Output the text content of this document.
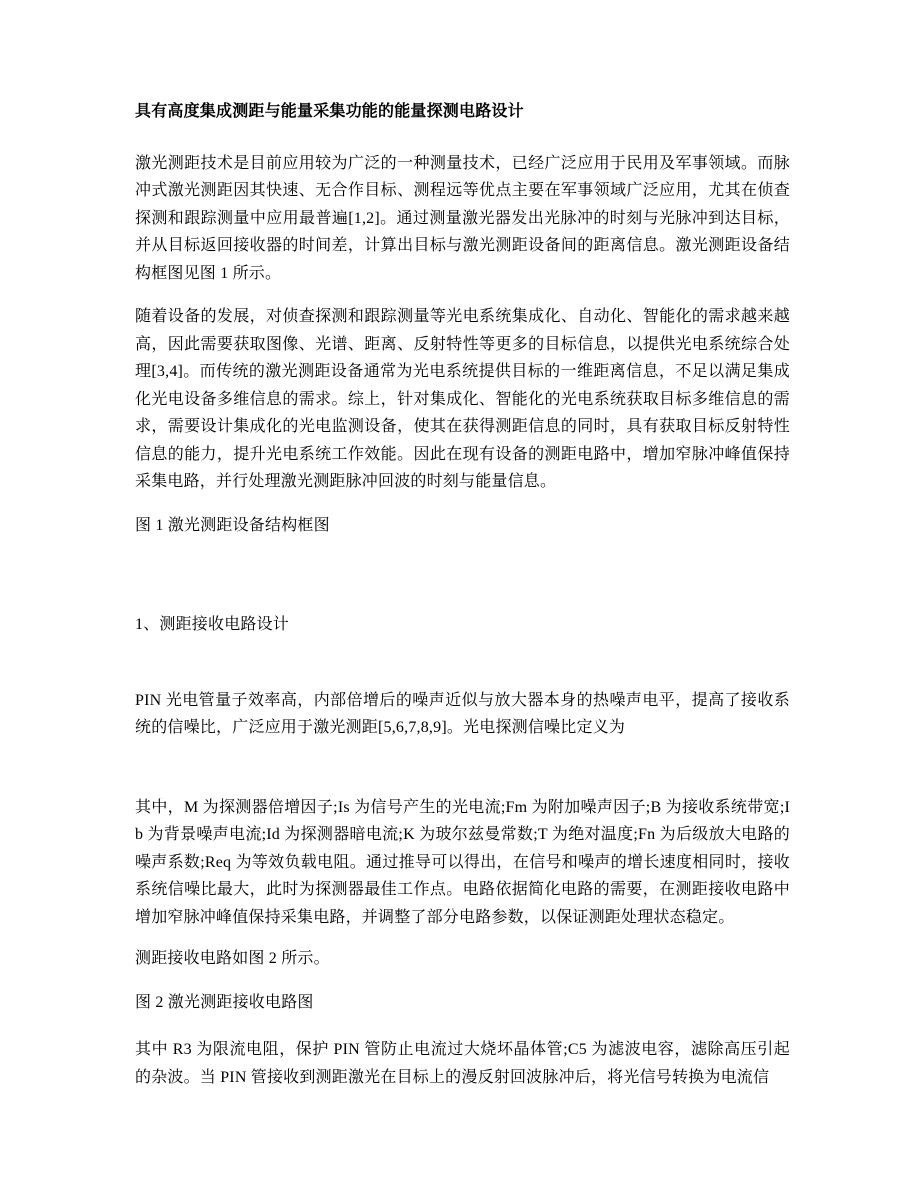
具有高度集成测距与能量采集功能的能量探测电路设计

激光测距技术是目前应用较为广泛的一种测量技术，已经广泛应用于民用及军事领域。而脉冲式激光测距因其快速、无合作目标、测程远等优点主要在军事领域广泛应用，尤其在侦查探测和跟踪测量中应用最普遍[1,2]。通过测量激光器发出光脉冲的时刻与光脉冲到达目标，并从目标返回接收器的时间差，计算出目标与激光测距设备间的距离信息。激光测距设备结构框图见图 1 所示。

随着设备的发展，对侦查探测和跟踪测量等光电系统集成化、自动化、智能化的需求越来越高，因此需要获取图像、光谱、距离、反射特性等更多的目标信息，以提供光电系统综合处理[3,4]。而传统的激光测距设备通常为光电系统提供目标的一维距离信息，不足以满足集成化光电设备多维信息的需求。综上，针对集成化、智能化的光电系统获取目标多维信息的需求，需要设计集成化的光电监测设备，使其在获得测距信息的同时，具有获取目标反射特性信息的能力，提升光电系统工作效能。因此在现有设备的测距电路中，增加窄脉冲峰值保持采集电路，并行处理激光测距脉冲回波的时刻与能量信息。

图 1 激光测距设备结构框图

1、测距接收电路设计

PIN 光电管量子效率高，内部倍增后的噪声近似与放大器本身的热噪声电平，提高了接收系统的信噪比，广泛应用于激光测距[5,6,7,8,9]。光电探测信噪比定义为

其中，M 为探测器倍增因子;Is 为信号产生的光电流;Fm 为附加噪声因子;B 为接收系统带宽;Ib 为背景噪声电流;Id 为探测器暗电流;K 为玻尔兹曼常数;T 为绝对温度;Fn 为后级放大电路的噪声系数;Req 为等效负载电阻。通过推导可以得出，在信号和噪声的增长速度相同时，接收系统信噪比最大，此时为探测器最佳工作点。电路依据简化电路的需要，在测距接收电路中增加窄脉冲峰值保持采集电路，并调整了部分电路参数，以保证测距处理状态稳定。

测距接收电路如图 2 所示。

图 2 激光测距接收电路图

其中 R3 为限流电阻，保护 PIN 管防止电流过大烧坏晶体管;C5 为滤波电容，滤除高压引起的杂波。当 PIN 管接收到测距激光在目标上的漫反射回波脉冲后，将光信号转换为电流信
